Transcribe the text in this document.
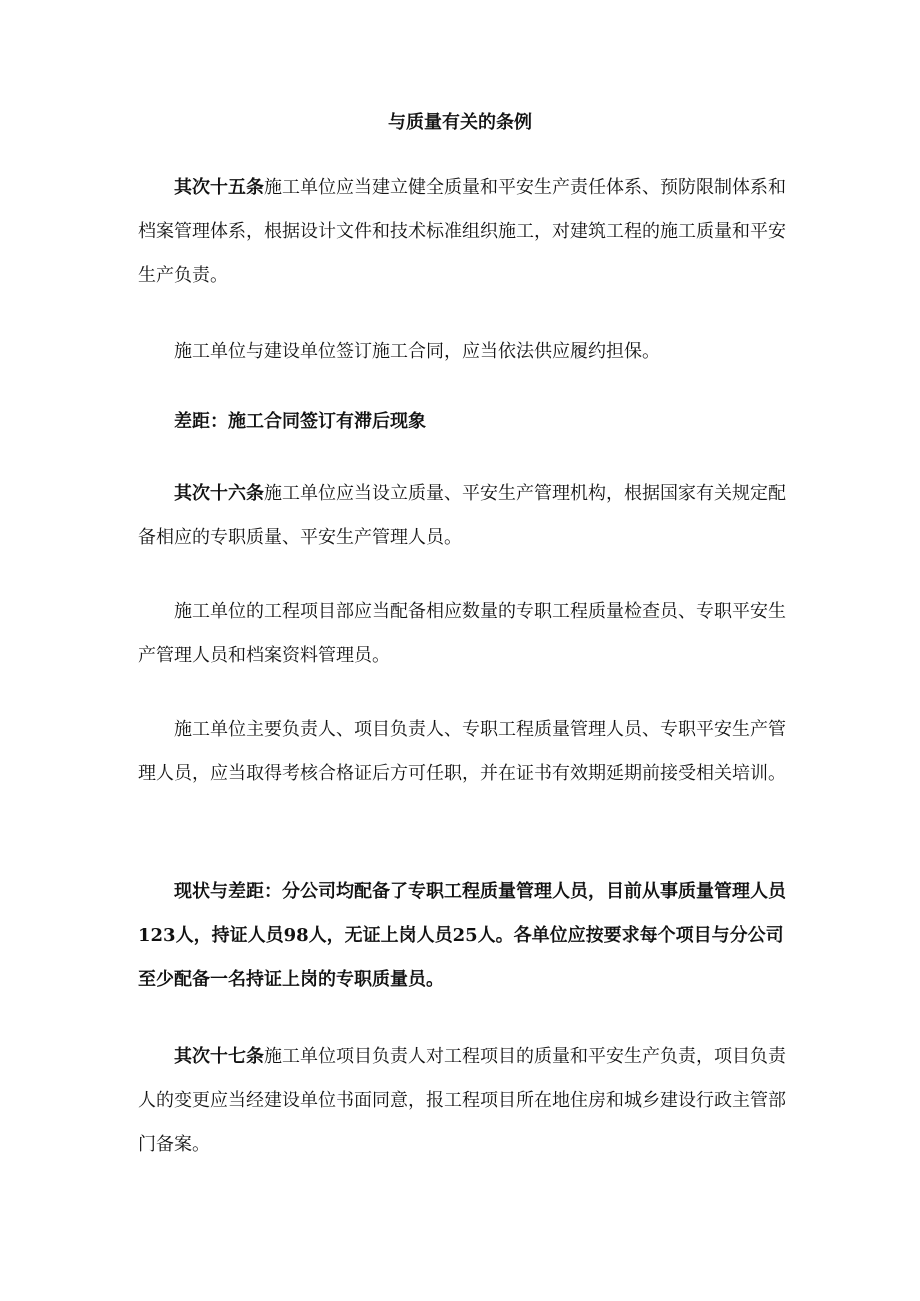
与质量有关的条例

其次十五条施工单位应当建立健全质量和平安生产责任体系、预防限制体系和档案管理体系，根据设计文件和技术标准组织施工，对建筑工程的施工质量和平安生产负责。

施工单位与建设单位签订施工合同，应当依法供应履约担保。

差距：施工合同签订有滞后现象

其次十六条施工单位应当设立质量、平安生产管理机构，根据国家有关规定配备相应的专职质量、平安生产管理人员。

施工单位的工程项目部应当配备相应数量的专职工程质量检查员、专职平安生产管理人员和档案资料管理员。

施工单位主要负责人、项目负责人、专职工程质量管理人员、专职平安生产管理人员，应当取得考核合格证后方可任职，并在证书有效期延期前接受相关培训。

现状与差距：分公司均配备了专职工程质量管理人员，目前从事质量管理人员123人，持证人员98人，无证上岗人员25人。各单位应按要求每个项目与分公司至少配备一名持证上岗的专职质量员。

其次十七条施工单位项目负责人对工程项目的质量和平安生产负责，项目负责人的变更应当经建设单位书面同意，报工程项目所在地住房和城乡建设行政主管部门备案。
